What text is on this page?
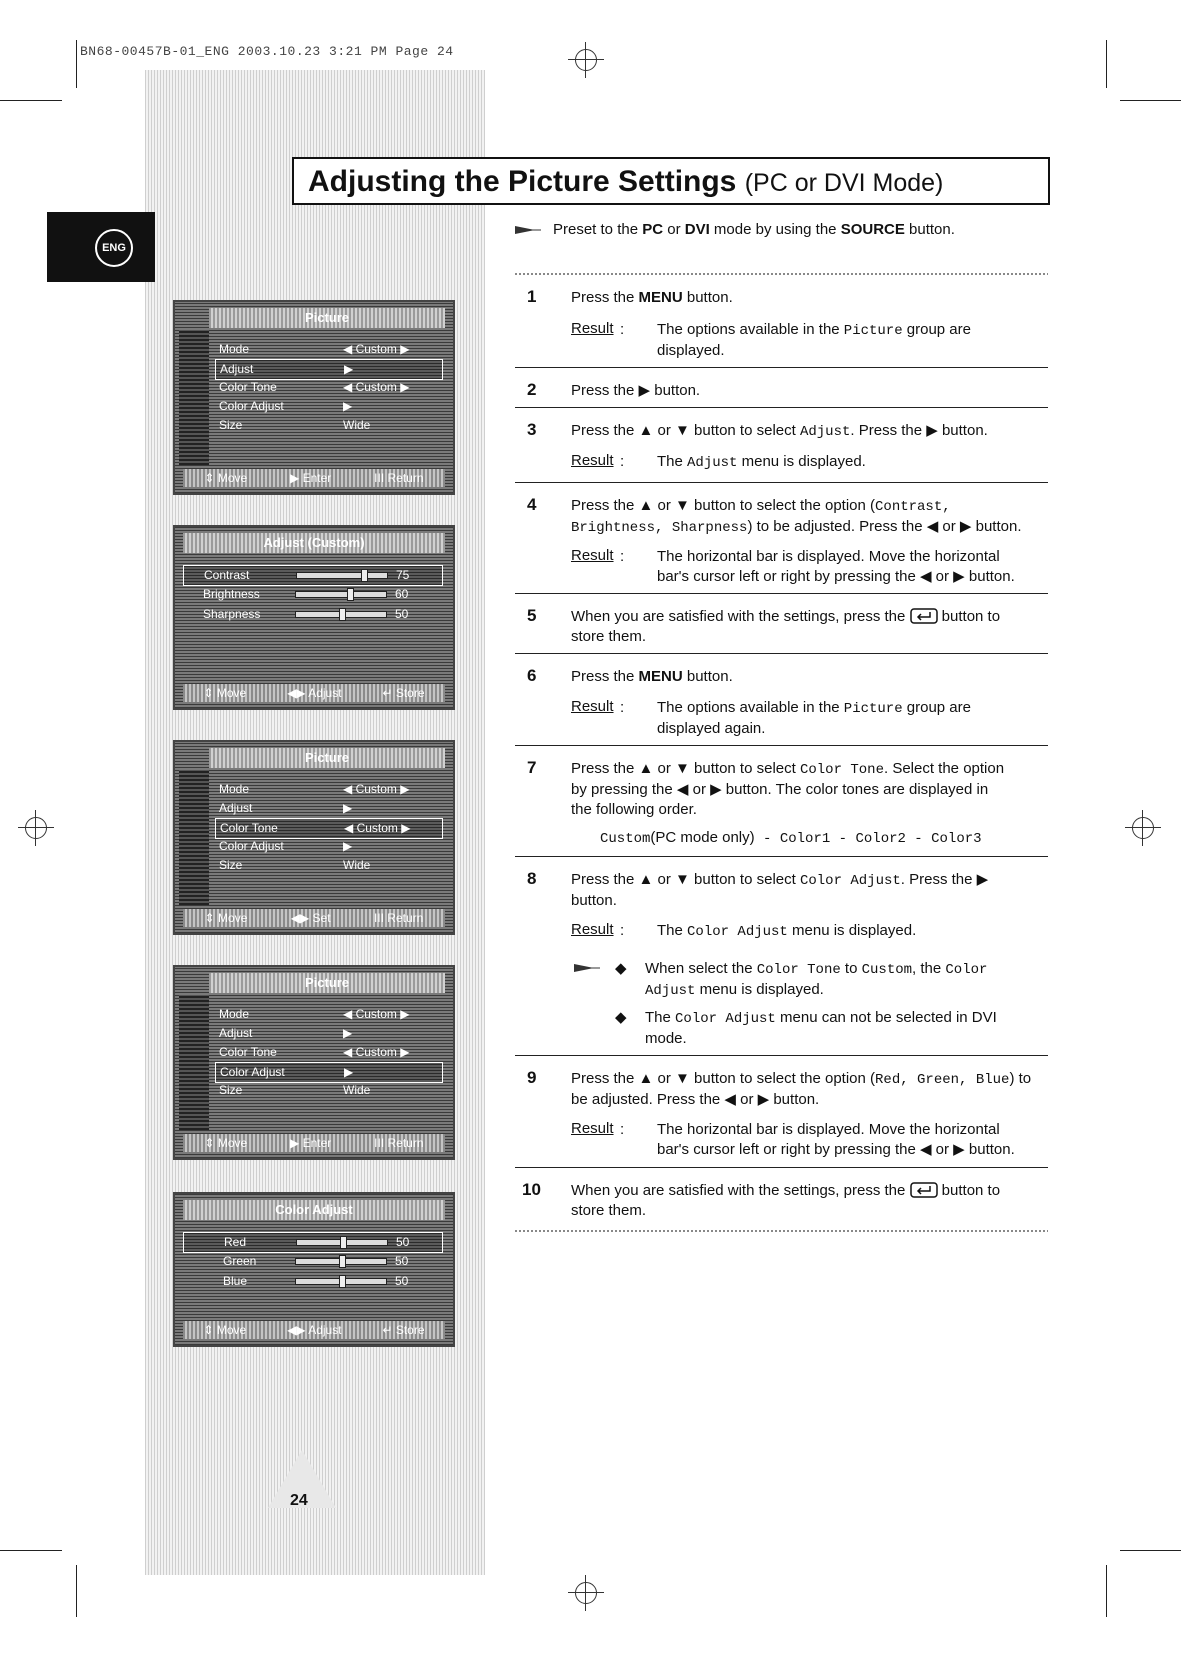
BN68-00457B-01_ENG 2003.10.23 3:21 PM Page 24
ENG
Adjusting the Picture Settings (PC or DVI Mode)
Preset to the PC or DVI mode by using the SOURCE button.
1 Press the MENU button.
Result : The options available in the Picture group are
displayed.
2 Press the ▶ button.
3 Press the ▲ or ▼ button to select Adjust. Press the ▶ button.
Result : The Adjust menu is displayed.
4 Press the ▲ or ▼ button to select the option (Contrast,
Brightness, Sharpness) to be adjusted. Press the ◀ or ▶ button.
Result : The horizontal bar is displayed. Move the horizontal
bar's cursor left or right by pressing the ◀ or ▶ button.
5 When you are satisfied with the settings, press the  button to
store them.
6 Press the MENU button.
Result : The options available in the Picture group are
displayed again.
7 Press the ▲ or ▼ button to select Color Tone. Select the option
by pressing the ◀ or ▶ button. The color tones are displayed in
the following order.
Custom(PC mode only) - Color1 - Color2 - Color3
8 Press the ▲ or ▼ button to select Color Adjust. Press the ▶
button.
Result : The Color Adjust menu is displayed.
◆ When select the Color Tone to Custom, the Color
Adjust menu is displayed.
◆ The Color Adjust menu can not be selected in DVI
mode.
9 Press the ▲ or ▼ button to select the option (Red, Green, Blue) to
be adjusted. Press the ◀ or ▶ button.
Result : The horizontal bar is displayed. Move the horizontal
bar's cursor left or right by pressing the ◀ or ▶ button.
10 When you are satisfied with the settings, press the  button to
store them.
Picture
Mode	◀ Custom ▶
Adjust	▶
Color Tone	◀ Custom ▶
Color Adjust	▶
Size	Wide
⇕ Move	▶ Enter	III Return
Adjust (Custom)
Contrast	75
Brightness	60
Sharpness	50
⇕ Move	◀▶ Adjust	↵ Store
Picture
Mode	◀ Custom ▶
Adjust	▶
Color Tone	◀ Custom ▶
Color Adjust	▶
Size	Wide
⇕ Move	◀▶ Set	III Return
Picture
Mode	◀ Custom ▶
Adjust	▶
Color Tone	◀ Custom ▶
Color Adjust	▶
Size	Wide
⇕ Move	▶ Enter	III Return
Color Adjust
Red	50
Green	50
Blue	50
⇕ Move	◀▶ Adjust	↵ Store
24
